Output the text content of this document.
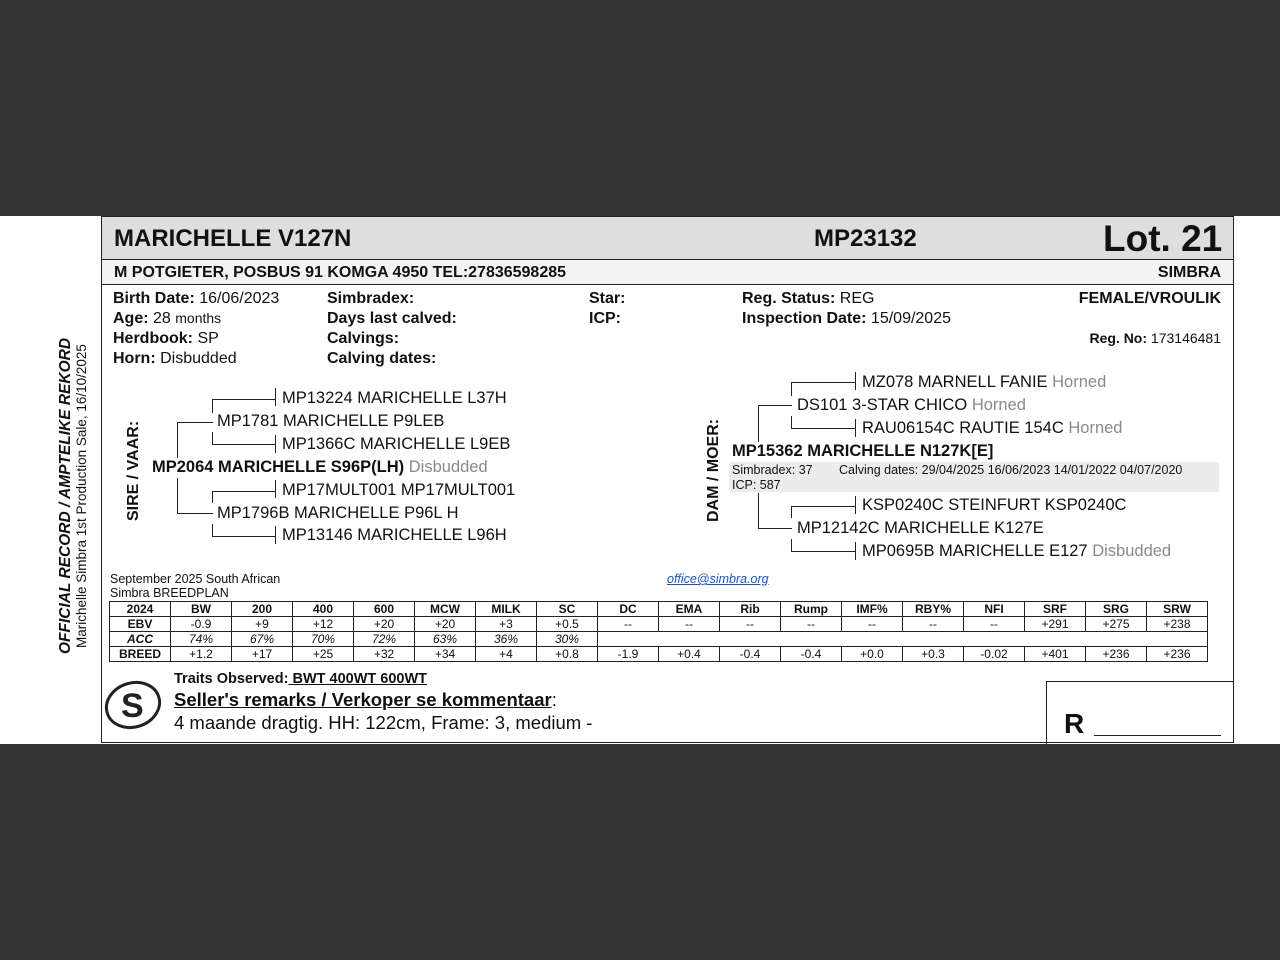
OFFICIAL RECORD / AMPTELIKE REKORD Marichelle Simbra 1st Production Sale, 16/10/2025
MARICHELLE V127N	MP23132	Lot. 21
M POTGIETER, POSBUS 91 KOMGA 4950 TEL:27836598285	SIMBRA
Birth Date: 16/06/2023
Age: 28 months
Herdbook: SP
Horn: Disbudded
Simbradex:
Days last calved:
Calvings:
Calving dates:
Star:
ICP:
Reg. Status: REG
Inspection Date: 15/09/2025
FEMALE/VROULIK
Reg. No: 173146481
SIRE / VAAR:
MP13224 MARICHELLE L37H
MP1781 MARICHELLE P9LEB
MP1366C MARICHELLE L9EB
MP2064 MARICHELLE S96P(LH) Disbudded
MP17MULT001 MP17MULT001
MP1796B MARICHELLE P96L H
MP13146 MARICHELLE L96H
DAM / MOER:
MZ078 MARNELL FANIE Horned
DS101 3-STAR CHICO Horned
RAU06154C RAUTIE 154C Horned
MP15362 MARICHELLE N127K[E]
Simbradex: 37 Calving dates: 29/04/2025 16/06/2023 14/01/2022 04/07/2020
ICP: 587
KSP0240C STEINFURT KSP0240C
MP12142C MARICHELLE K127E
MP0695B MARICHELLE E127 Disbudded
September 2025 South African
Simbra BREEDPLAN
office@simbra.org
2024	BW	200	400	600	MCW	MILK	SC	DC	EMA	Rib	Rump	IMF%	RBY%	NFI	SRF	SRG	SRW
EBV	-0.9	+9	+12	+20	+20	+3	+0.5	--	--	--	--	--	--	--	+291	+275	+238
ACC	74%	67%	70%	72%	63%	36%	30%										
BREED	+1.2	+17	+25	+32	+34	+4	+0.8	-1.9	+0.4	-0.4	-0.4	+0.0	+0.3	-0.02	+401	+236	+236
S
Traits Observed: BWT 400WT 600WT
Seller's remarks / Verkoper se kommentaar:
4 maande dragtig. HH: 122cm, Frame: 3, medium -	R
